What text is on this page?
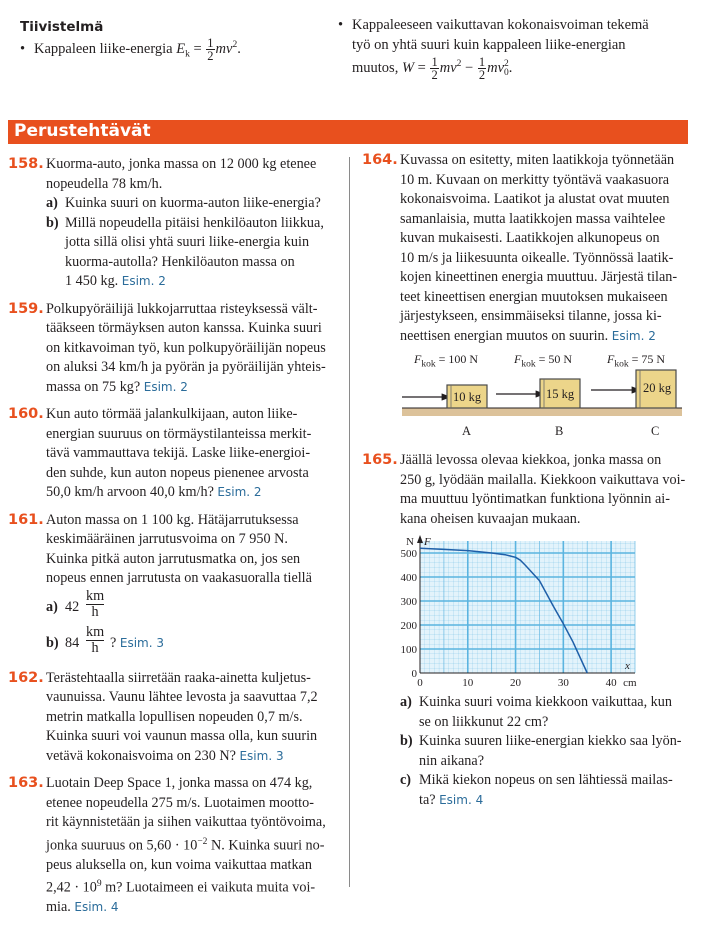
Tiivistelmä
• Kappaleen liike-energia $E_k = \frac{1}{2} mv^2$.
• Kappaleeseen vaikuttavan kokonaisvoiman tekemä
työ on yhtä suuri kuin kappaleen liike-energian
muutos, $W = \frac{1}{2} mv^2 - \frac{1}{2}$ mv 2
0 .
Perustehtävät
158. Kuorma-auto, jonka massa on 12 000 kg etenee
nopeudella 78 km/h.
a) Kuinka suuri on kuorma-auton liike-energia?
b) Millä nopeudella pitäisi henkilöauton liikkua,
jotta sillä olisi yhtä suuri liike-energia kuin
kuorma-autolla? Henkilöauton massa on
1 450 kg. Esim. 2
159. Polkupyöräilijä lukkojarruttaa risteyksessä vält-
täākseen törmäyksen auton kanssa. Kuinka suuri
on kitkavoiman työ, kun polkupyöräilijän nopeus
on aluksi 34 km/h ja pyörän ja pyöräilijän yhteis-
massa on 75 kg? Esim. 2
160. Kun auto törmää jalankulkijaan, auton liike-
energian suuruus on törmäystilanteissa merkit-
tävä vammauttava tekijä. Laske liike-energioi-
den suhde, kun auton nopeus pienenee arvosta
50,0 km/h arvoon 40,0 km/h? Esim. 2
161. Auton massa on 1 100 kg. Hätäjarrutuksessa
keskimääräinen jarrutusvoima on 7 950 N.
Kuinka pitkä auton jarrutusmatka on, jos sen
nopeus ennen jarrutusta on vaakasuoralla tiellä
a) $42 \frac{km}{h}$
b) $84 \frac{km}{h}$ ? Esim. 3
162. Terästehtaalla siirretään raaka-ainetta kuljetus-
vaunuissa. Vaunu lähtee levosta ja saavuttaa 7,2
metrin matkalla lopullisen nopeuden 0,7 m/s.
Kuinka suuri voi vaunun massa olla, kun suurin
vetävä kokonaisvoima on 230 N? Esim. 3
163. Luotain Deep Space 1, jonka massa on 474 kg,
etenee nopeudella 275 m/s. Luotaimen mootto-
rit käynnistetään ja siihen vaikuttaa työntövoima,
jonka suuruus on $5,60 \cdot 10^{-2}$ N. Kuinka suuri no-
peus aluksella on, kun voima vaikuttaa matkan
$2,42 \cdot 10^9$ m? Luotaimeen ei vaikuta muita voi-
mia. Esim. 4
164. Kuvassa on esitetty, miten laatikkoja työnnetään
10 m. Kuvaan on merkitty työntävä vaakasuora
kokonaisvoima. Laatikot ja alustat ovat muuten
samanlaisia, mutta laatikkojen massa vaihtelee
kuvan mukaisesti. Laatikkojen alkunopeus on
10 m/s ja liikesuunta oikealle. Työnnössä laatik-
kojen kineettinen energia muuttuu. Järjestä tilan-
teet kineettisen energian muutoksen mukaiseen
järjestykseen, ensimmäiseksi tilanne, jossa ki-
neettisen energian muutos on suurin. Esim. 2
$F_{kok} = 100$ N	$F_{kok} = 50$ N	$F_{kok} = 75$ N
10 kg	15 kg	20 kg
A	B	C
165. Jäällä levossa olevaa kiekkoa, jonka massa on
250 g, lyödään mailalla. Kiekkoon vaikuttava voi-
ma muuttuu lyöntimatkan funktiona lyönnin ai-
kana oheisen kuvaajan mukaan.
0	10	20	30	40
0
100
200
300
400
500
cm
x
N F
a) Kuinka suuri voima kiekkoon vaikuttaa, kun
se on liikkunut 22 cm?
b) Kuinka suuren liike-energian kiekko saa lyön-
nin aikana?
c) Mikä kiekon nopeus on sen lähtiessä mailas-
ta? Esim. 4
